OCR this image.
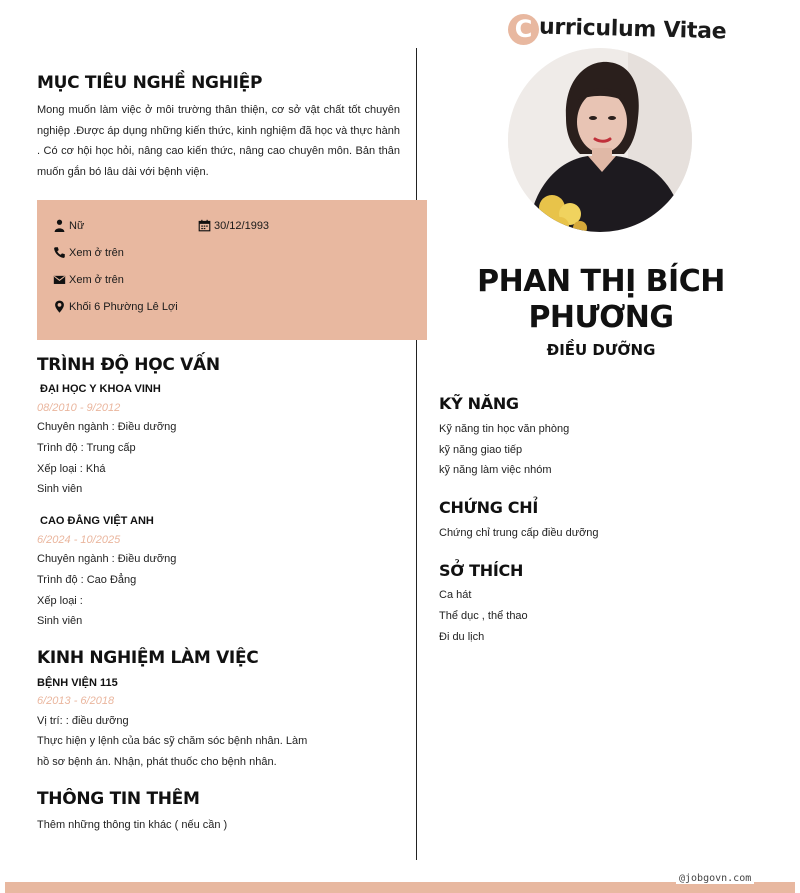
C urriculum Vitae
MỤC TIÊU NGHỀ NGHIỆP
Mong muốn làm việc ở môi trường thân thiện, cơ sở vật chất tốt chuyên nghiệp .Được áp dụng những kiến thức, kinh nghiệm đã học và thực hành . Có cơ hội học hỏi, nâng cao kiến thức, nâng cao chuyên môn. Bản thân muốn gắn bó lâu dài với bệnh viện.
Nữ	30/12/1993
Xem ở trên
Xem ở trên
Khối 6 Phường Lê Lợi
TRÌNH ĐỘ HỌC VẤN
ĐẠI HỌC Y KHOA VINH
08/2010 - 9/2012
Chuyên ngành : Điều dưỡng
Trình độ : Trung cấp
Xếp loại : Khá
Sinh viên
CAO ĐẲNG VIỆT ANH
6/2024 - 10/2025
Chuyên ngành : Điều dưỡng
Trình độ : Cao Đẳng
Xếp loại :
Sinh viên
KINH NGHIỆM LÀM VIỆC
BỆNH VIỆN 115
6/2013 - 6/2018
Vị trí: : điều dưỡng
Thực hiện y lệnh của bác sỹ chăm sóc bệnh nhân. Làm
hồ sơ bệnh án. Nhận, phát thuốc cho bệnh nhân.
THÔNG TIN THÊM
Thêm những thông tin khác ( nếu cần )
PHAN THỊ BÍCH
PHƯƠNG
ĐIỀU DƯỠNG
KỸ NĂNG
Kỹ năng tin học văn phòng
kỹ năng giao tiếp
kỹ năng làm việc nhóm
CHỨNG CHỈ
Chứng chỉ trung cấp điều dưỡng
SỞ THÍCH
Ca hát
Thể dục , thể thao
Đi du lịch
@jobgovn.com
